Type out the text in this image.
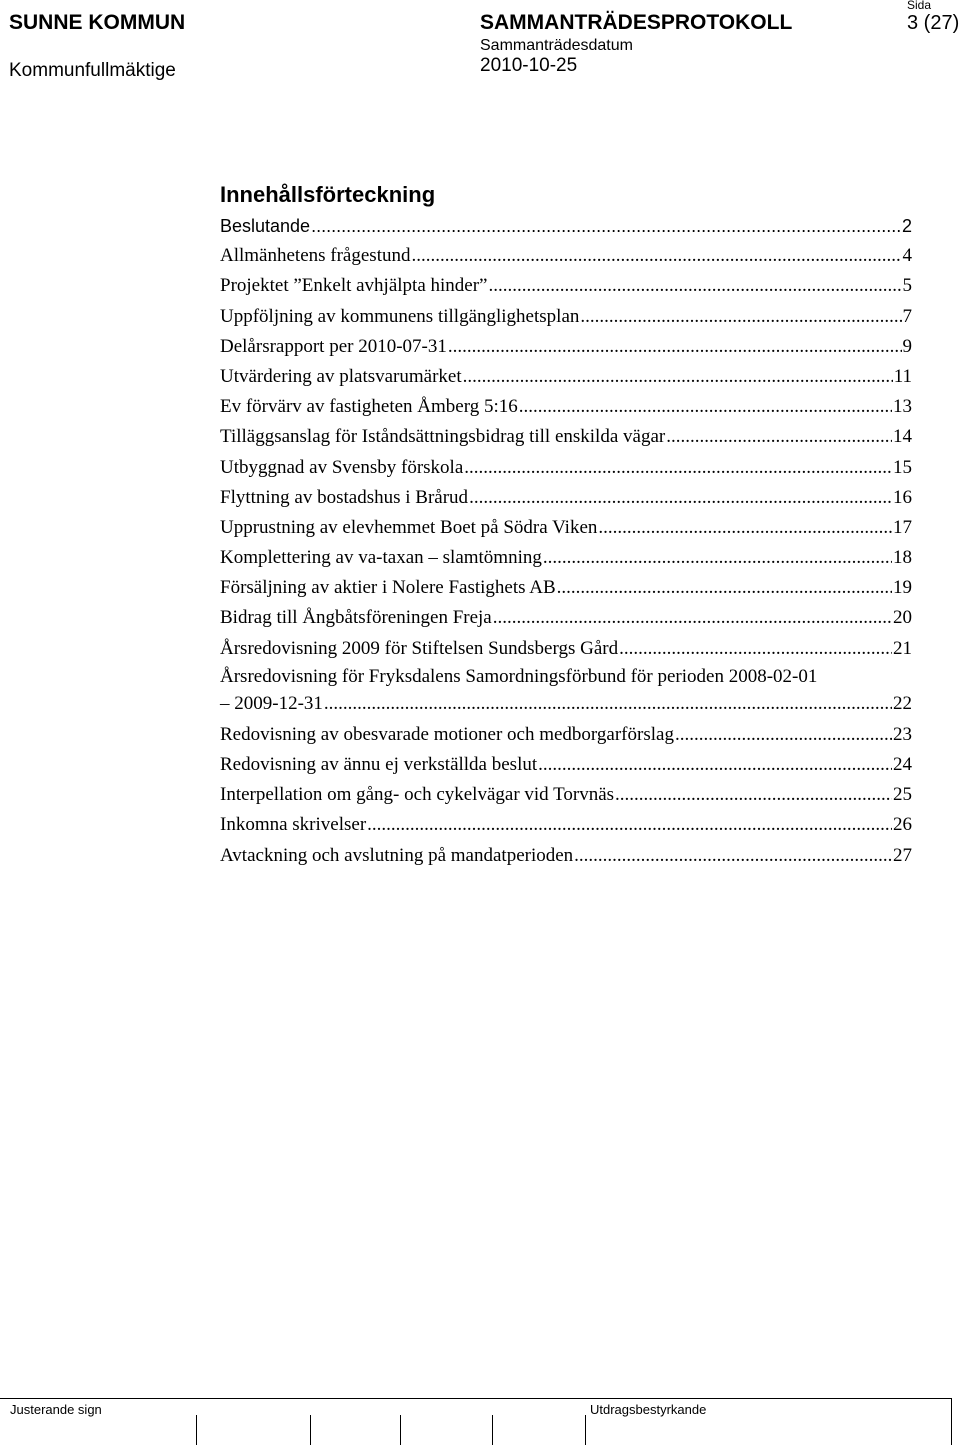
SUNNE KOMMUN
Kommunfullmäktige
SAMMANTRÄDESPROTOKOLL
Sammanträdesdatum
2010-10-25
Sida
3 (27)
Innehållsförteckning
Beslutande .....	2
Allmänhetens frågestund .....	4
Projektet ”Enkelt avhjälpta hinder” .....	5
Uppföljning av kommunens tillgänglighetsplan .....	7
Delårsrapport per 2010-07-31 .....	9
Utvärdering av platsvarumärket .....	11
Ev förvärv av fastigheten Åmberg 5:16 .....	13
Tilläggsanslag för Iståndsättningsbidrag till enskilda vägar .....	14
Utbyggnad av Svensby förskola .....	15
Flyttning av bostadshus i Brårud .....	16
Upprustning av elevhemmet Boet på Södra Viken .....	17
Komplettering av va-taxan – slamtömning .....	18
Försäljning av aktier i Nolere Fastighets AB .....	19
Bidrag till Ångbåtsföreningen Freja .....	20
Årsredovisning 2009 för Stiftelsen Sundsbergs Gård .....	21
Årsredovisning för Fryksdalens Samordningsförbund för perioden 2008-02-01
– 2009-12-31 .....	22
Redovisning av obesvarade motioner och medborgarförslag .....	23
Redovisning av ännu ej verkställda beslut .....	24
Interpellation om gång- och cykelvägar vid Torvnäs .....	25
Inkomna skrivelser .....	26
Avtackning och avslutning på mandatperioden .....	27
Justerande sign	Utdragsbestyrkande
